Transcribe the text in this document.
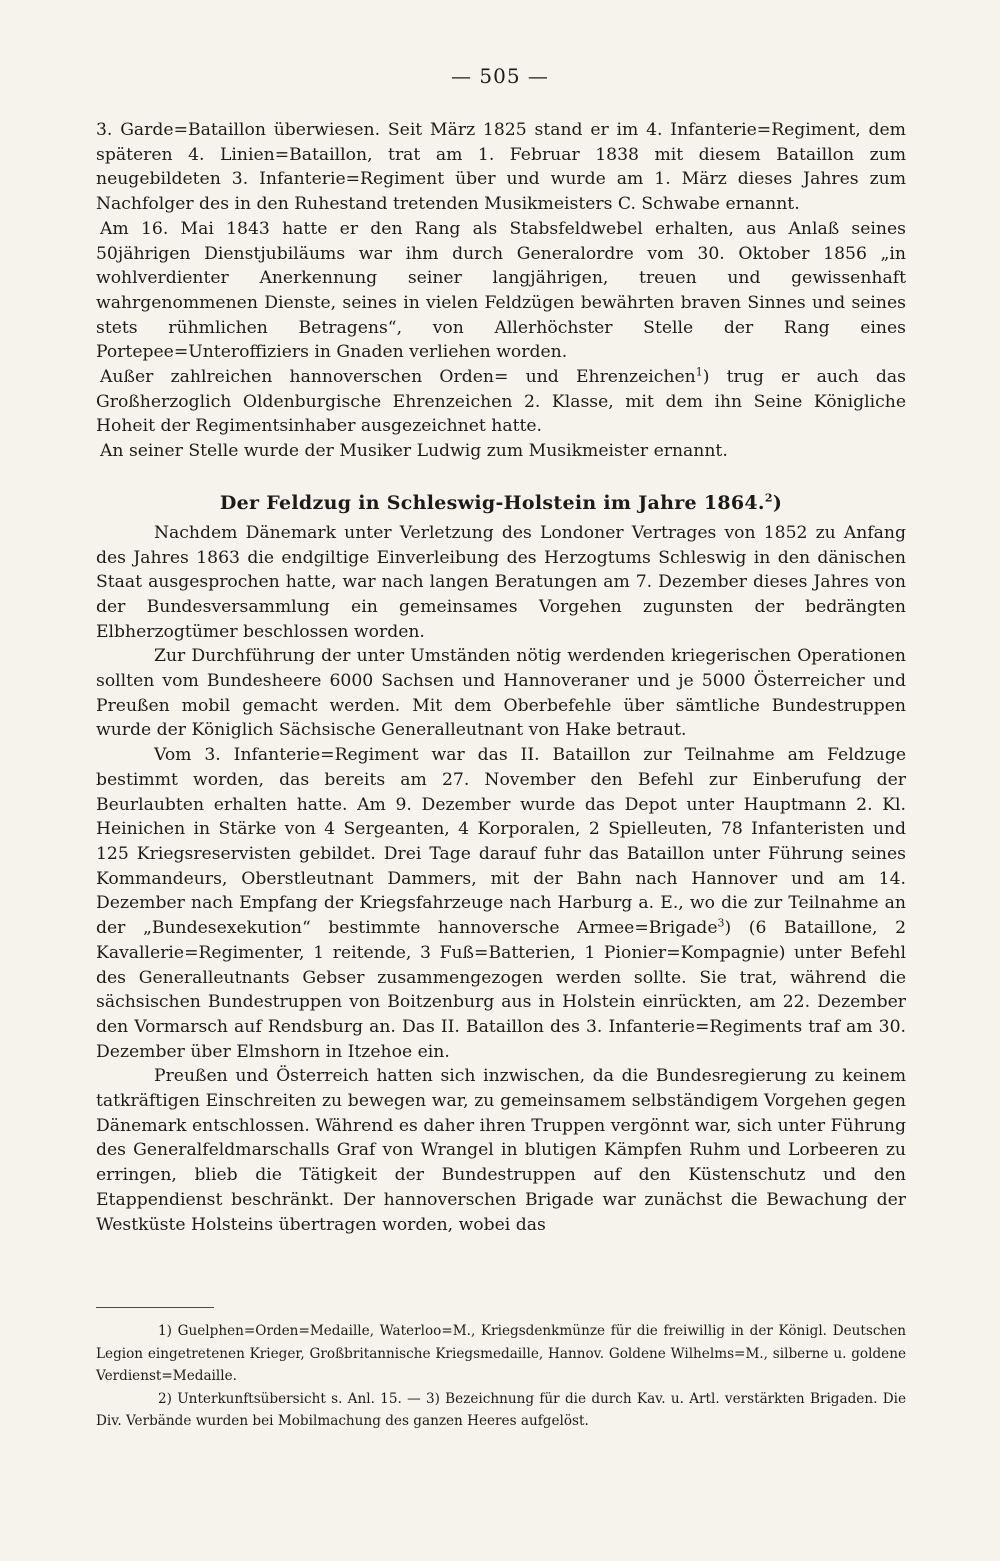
— 505 —

3. Garde=Bataillon überwiesen. Seit März 1825 stand er im 4. Infanterie=Regiment, dem späteren 4. Linien=Bataillon, trat am 1. Februar 1838 mit diesem Bataillon zum neugebildeten 3. Infanterie=Regiment über und wurde am 1. März dieses Jahres zum Nachfolger des in den Ruhestand tretenden Musikmeisters C. Schwabe ernannt.

Am 16. Mai 1843 hatte er den Rang als Stabsfeldwebel erhalten, aus Anlaß seines 50jährigen Dienstjubiläums war ihm durch Generalordre vom 30. Oktober 1856 „in wohlverdienter Anerkennung seiner langjährigen, treuen und gewissenhaft wahrgenommenen Dienste, seines in vielen Feldzügen bewährten braven Sinnes und seines stets rühmlichen Betragens“, von Allerhöchster Stelle der Rang eines Portepee=Unteroffiziers in Gnaden verliehen worden.

Außer zahlreichen hannoverschen Orden= und Ehrenzeichen$^1$) trug er auch das Großherzoglich Oldenburgische Ehrenzeichen 2. Klasse, mit dem ihn Seine Königliche Hoheit der Regimentsinhaber ausgezeichnet hatte.

An seiner Stelle wurde der Musiker Ludwig zum Musikmeister ernannt.

Der Feldzug in Schleswig-Holstein im Jahre 1864.$^2$)

Nachdem Dänemark unter Verletzung des Londoner Vertrages von 1852 zu Anfang des Jahres 1863 die endgiltige Einverleibung des Herzogtums Schleswig in den dänischen Staat ausgesprochen hatte, war nach langen Beratungen am 7. Dezember dieses Jahres von der Bundesversammlung ein gemeinsames Vorgehen zugunsten der bedrängten Elbherzogtümer beschlossen worden.

Zur Durchführung der unter Umständen nötig werdenden kriegerischen Operationen sollten vom Bundesheere 6000 Sachsen und Hannoveraner und je 5000 Österreicher und Preußen mobil gemacht werden. Mit dem Oberbefehle über sämtliche Bundestruppen wurde der Königlich Sächsische Generalleutnant von Hake betraut.

Vom 3. Infanterie=Regiment war das II. Bataillon zur Teilnahme am Feldzuge bestimmt worden, das bereits am 27. November den Befehl zur Einberufung der Beurlaubten erhalten hatte. Am 9. Dezember wurde das Depot unter Hauptmann 2. Kl. Heinichen in Stärke von 4 Sergeanten, 4 Korporalen, 2 Spielleuten, 78 Infanteristen und 125 Kriegsreservisten gebildet. Drei Tage darauf fuhr das Bataillon unter Führung seines Kommandeurs, Oberstleutnant Dammers, mit der Bahn nach Hannover und am 14. Dezember nach Empfang der Kriegsfahrzeuge nach Harburg a. E., wo die zur Teilnahme an der „Bundesexekution“ bestimmte hannoversche Armee=Brigade$^3$) (6 Bataillone, 2 Kavallerie=Regimenter, 1 reitende, 3 Fuß=Batterien, 1 Pionier=Kompagnie) unter Befehl des Generalleutnants Gebser zusammengezogen werden sollte. Sie trat, während die sächsischen Bundestruppen von Boitzenburg aus in Holstein einrückten, am 22. Dezember den Vormarsch auf Rendsburg an. Das II. Bataillon des 3. Infanterie=Regiments traf am 30. Dezember über Elmshorn in Itzehoe ein.

Preußen und Österreich hatten sich inzwischen, da die Bundesregierung zu keinem tatkräftigen Einschreiten zu bewegen war, zu gemeinsamem selbständigem Vorgehen gegen Dänemark entschlossen. Während es daher ihren Truppen vergönnt war, sich unter Führung des Generalfeldmarschalls Graf von Wrangel in blutigen Kämpfen Ruhm und Lorbeeren zu erringen, blieb die Tätigkeit der Bundestruppen auf den Küstenschutz und den Etappendienst beschränkt. Der hannoverschen Brigade war zunächst die Bewachung der Westküste Holsteins übertragen worden, wobei das

1) Guelphen=Orden=Medaille, Waterloo=M., Kriegsdenkmünze für die freiwillig in der Königl. Deutschen Legion eingetretenen Krieger, Großbritannische Kriegsmedaille, Hannov. Goldene Wilhelms=M., silberne u. goldene Verdienst=Medaille.

2) Unterkunftsübersicht s. Anl. 15. — 3) Bezeichnung für die durch Kav. u. Artl. verstärkten Brigaden. Die Div. Verbände wurden bei Mobilmachung des ganzen Heeres aufgelöst.
